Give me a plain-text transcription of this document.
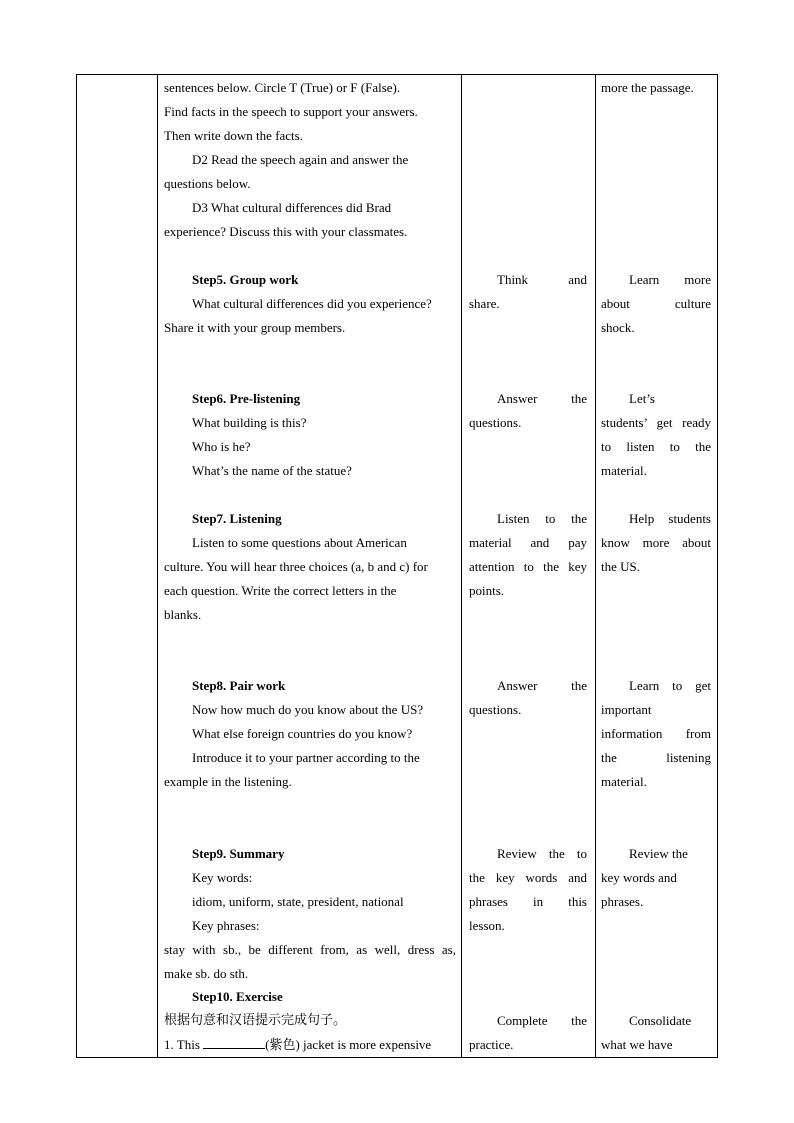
sentences below. Circle T (True) or F (False).

Find facts in the speech to support your answers.

Then write down the facts.

D2 Read the speech again and answer the

questions below.

D3 What cultural differences did Brad

experience? Discuss this with your classmates.

Step5. Group work

What cultural differences did you experience?

Share it with your group members.

Step6. Pre-listening

What building is this?

Who is he?

What’s the name of the statue?

Step7. Listening

Listen to some questions about American

culture. You will hear three choices (a, b and c) for

each question. Write the correct letters in the

blanks.

Step8. Pair work

Now how much do you know about the US?

What else foreign countries do you know?

Introduce it to your partner according to the

example in the listening.

Step9. Summary

Key words:

idiom, uniform, state, president, national

Key phrases:

stay with sb., be different from, as well, dress as,

make sb. do sth.

Step10. Exercise

根据句意和汉语提示完成句子。

1. This	(紫色) jacket is more expensive

Think and

share.

Answer the

questions.

Listen to the

material and pay

attention to the key

points.

Answer the

questions.

Review the to

the key words and

phrases in this

lesson.

Complete the

practice.

more the passage.

Learn more

about culture

shock.

Let’s

students’ get ready

to listen to the

material.

Help students

know more about

the US.

Learn to get

important

information from

the listening

material.

Review the

key words and

phrases.

Consolidate

what we have
